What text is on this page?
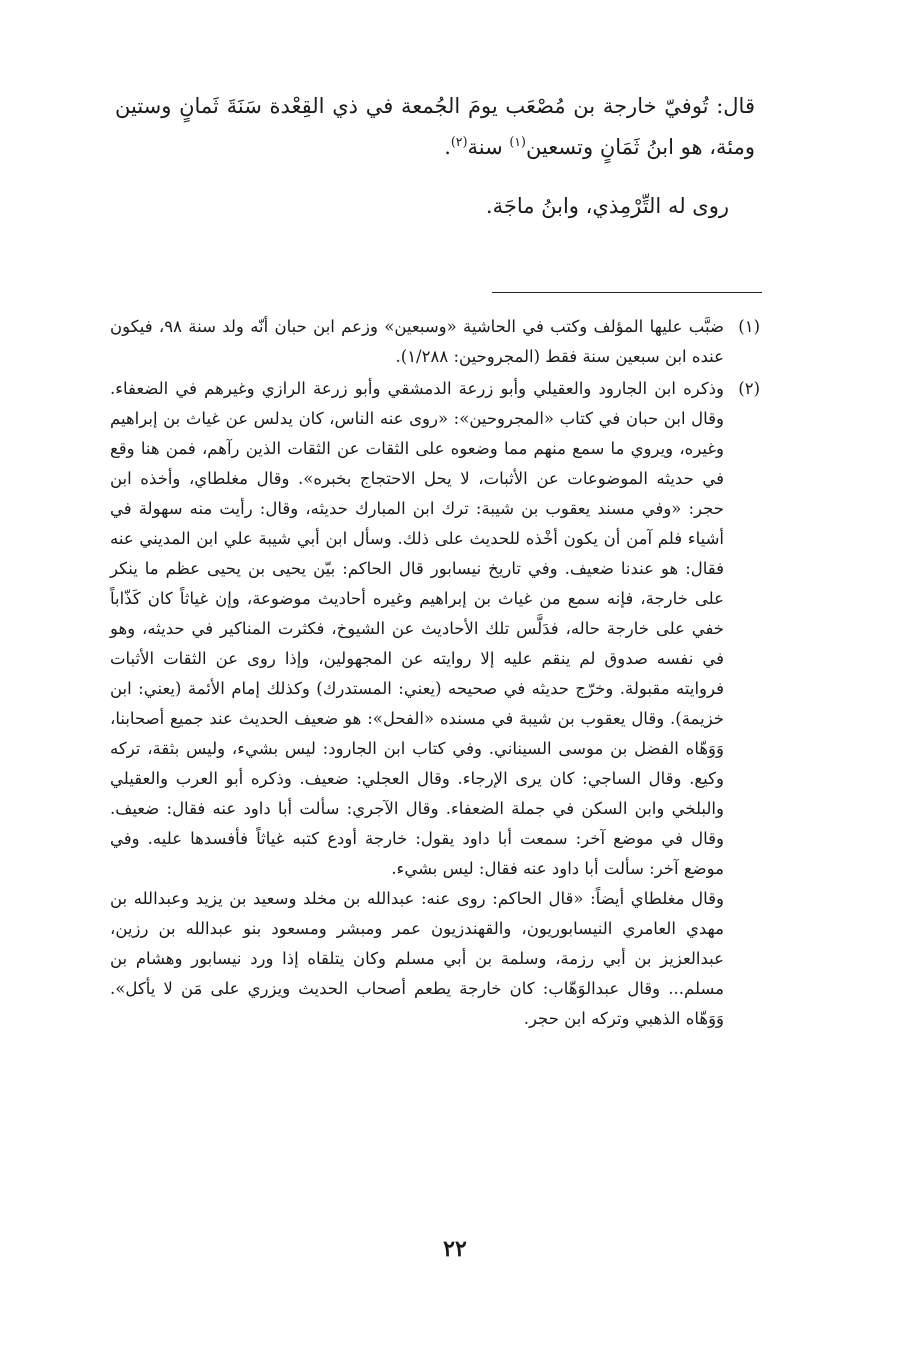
قال: تُوفيّ خارجة بن مُصْعَب يومَ الجُمعة في ذي القِعْدة سَنَةَ ثَمانٍ وستين ومئة، هو ابنُ ثَمَانٍ وتسعين$^{(١)}$ سنة$^{(٢)}$.

روى له التِّرْمِذي، وابنُ ماجَة.

(١)

ضبَّب عليها المؤلف وكتب في الحاشية «وسبعين» وزعم ابن حبان أنّه ولد سنة ٩٨، فيكون عنده ابن سبعين سنة فقط (المجروحين: ١/٢٨٨).

(٢)

وذكره ابن الجارود والعقيلي وأبو زرعة الدمشقي وأبو زرعة الرازي وغيرهم في الضعفاء. وقال ابن حبان في كتاب «المجروحين»: «روى عنه الناس، كان يدلس عن غياث بن إبراهيم وغيره، ويروي ما سمع منهم مما وضعوه على الثقات عن الثقات الذين رآهم، فمن هنا وقع في حديثه الموضوعات عن الأثبات، لا يحل الاحتجاج بخبره». وقال مغلطاي، وأخذه ابن حجر: «وفي مسند يعقوب بن شيبة: ترك ابن المبارك حديثه، وقال: رأيت منه سهولة في أشياء فلم آمن أن يكون أخْذه للحديث على ذلك. وسأل ابن أبي شيبة علي ابن المديني عنه فقال: هو عندنا ضعيف. وفي تاريخ نيسابور قال الحاكم: بيّن يحيى بن يحيى عظم ما ينكر على خارجة، فإنه سمع من غياث بن إبراهيم وغيره أحاديث موضوعة، وإن غياثاً كان كَذّاباً خفي على خارجة حاله، فدَلَّس تلك الأحاديث عن الشيوخ، فكثرت المناكير في حديثه، وهو في نفسه صدوق لم ينقم عليه إلا روايته عن المجهولين، وإذا روى عن الثقات الأثبات فروايته مقبولة. وخرّج حديثه في صحيحه (يعني: المستدرك) وكذلك إمام الأئمة (يعني: ابن خزيمة). وقال يعقوب بن شيبة في مسنده «الفحل»: هو ضعيف الحديث عند جميع أصحابنا، وَوَهّاه الفضل بن موسى السيناني. وفي كتاب ابن الجارود: ليس بشيء، وليس بثقة، تركه وكيع. وقال الساجي: كان يرى الإرجاء. وقال العجلي: ضعيف. وذكره أبو العرب والعقيلي والبلخي وابن السكن في جملة الضعفاء. وقال الآجري: سألت أبا داود عنه فقال: ضعيف. وقال في موضع آخر: سمعت أبا داود يقول: خارجة أودع كتبه غياثاً فأفسدها عليه. وفي موضع آخر: سألت أبا داود عنه فقال: ليس بشيء.

وقال مغلطاي أيضاً: «قال الحاكم: روى عنه: عبدالله بن مخلد وسعيد بن يزيد وعبدالله بن مهدي العامري النيسابوريون، والقهندزيون عمر ومبشر ومسعود بنو عبدالله بن رزين، عبدالعزيز بن أبي رزمة، وسلمة بن أبي مسلم وكان يتلقاه إذا ورد نيسابور وهشام بن مسلم... وقال عبدالوَهّاب: كان خارجة يطعم أصحاب الحديث ويزري على مَن لا يأكل». وَوَهّاه الذهبي وتركه ابن حجر.

٢٢
